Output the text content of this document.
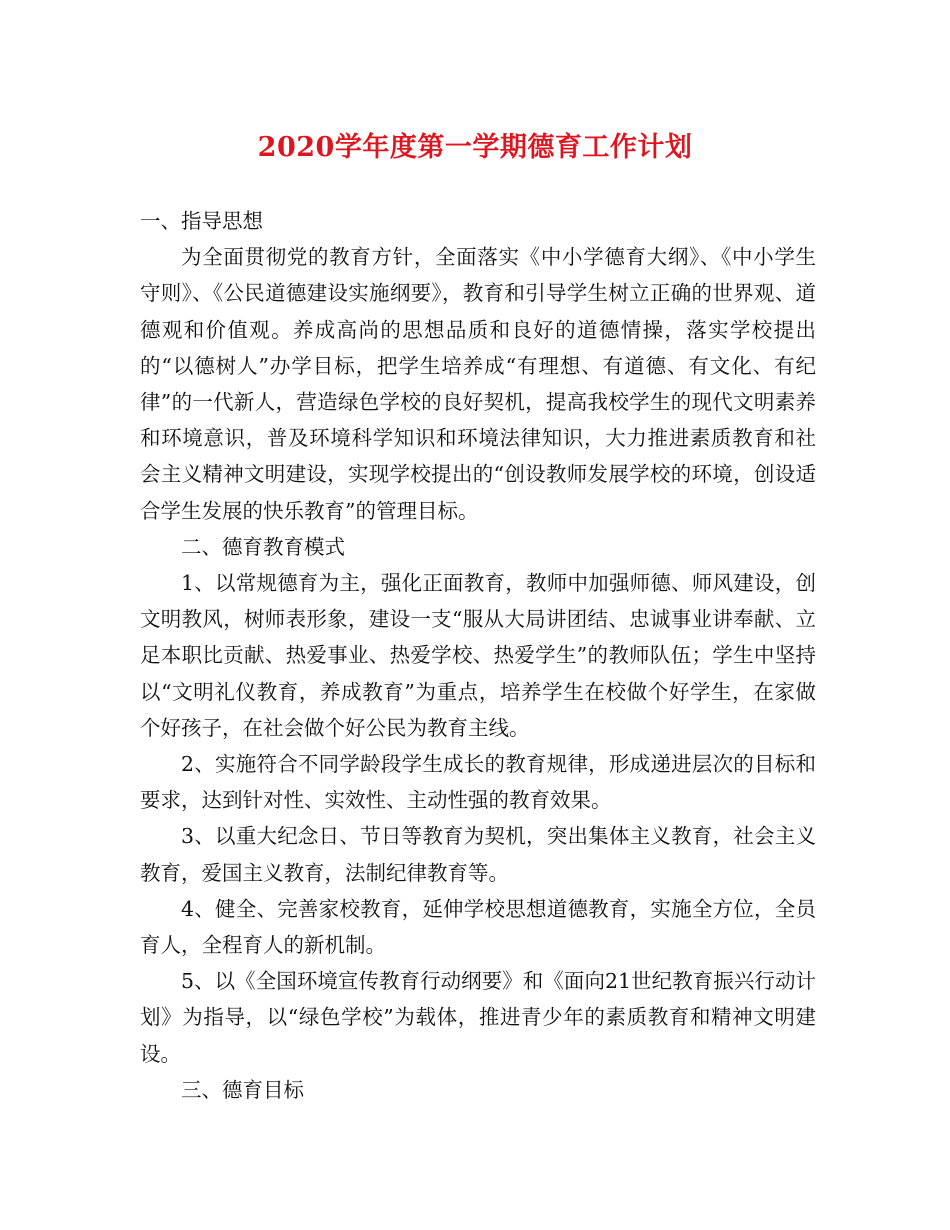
2020学年度第一学期德育工作计划

一、指导思想

为全面贯彻党的教育方针，全面落实《中小学德育大纲》、《中小学生守则》、《公民道德建设实施纲要》，教育和引导学生树立正确的世界观、道德观和价值观。养成高尚的思想品质和良好的道德情操，落实学校提出的“以德树人”办学目标，把学生培养成“有理想、有道德、有文化、有纪律”的一代新人，营造绿色学校的良好契机，提高我校学生的现代文明素养和环境意识，普及环境科学知识和环境法律知识，大力推进素质教育和社会主义精神文明建设，实现学校提出的“创设教师发展学校的环境，创设适合学生发展的快乐教育”的管理目标。

二、德育教育模式

1、以常规德育为主，强化正面教育，教师中加强师德、师风建设，创文明教风，树师表形象，建设一支“服从大局讲团结、忠诚事业讲奉献、立足本职比贡献、热爱事业、热爱学校、热爱学生”的教师队伍；学生中坚持以“文明礼仪教育，养成教育”为重点，培养学生在校做个好学生，在家做个好孩子，在社会做个好公民为教育主线。

2、实施符合不同学龄段学生成长的教育规律，形成递进层次的目标和要求，达到针对性、实效性、主动性强的教育效果。

3、以重大纪念日、节日等教育为契机，突出集体主义教育，社会主义教育，爱国主义教育，法制纪律教育等。

4、健全、完善家校教育，延伸学校思想道德教育，实施全方位，全员育人，全程育人的新机制。

5、以《全国环境宣传教育行动纲要》和《面向21世纪教育振兴行动计划》为指导，以“绿色学校”为载体，推进青少年的素质教育和精神文明建设。

三、德育目标
